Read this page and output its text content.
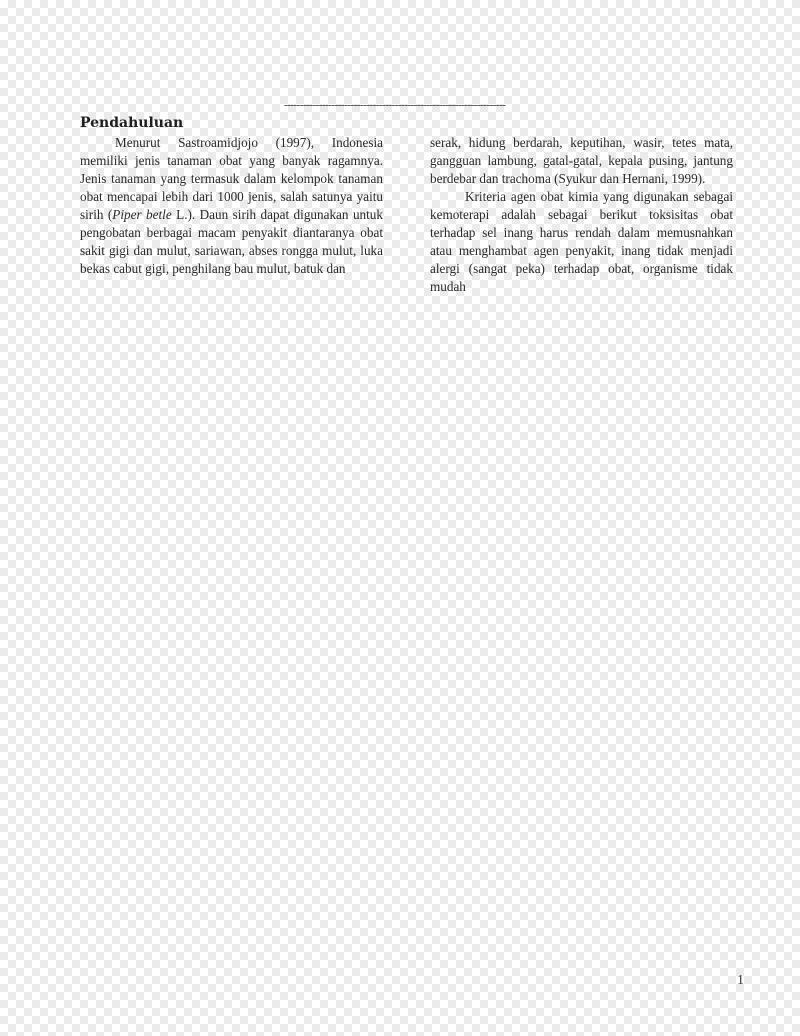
----------------------------------------------------------------------
Pendahuluan

Menurut Sastroamidjojo (1997), Indonesia memiliki jenis tanaman obat yang banyak ragamnya. Jenis tanaman yang termasuk dalam kelompok tanaman obat mencapai lebih dari 1000 jenis, salah satunya yaitu sirih (Piper betle L.). Daun sirih dapat digunakan untuk pengobatan berbagai macam penyakit diantaranya obat sakit gigi dan mulut, sariawan, abses rongga mulut, luka bekas cabut gigi, penghilang bau mulut, batuk dan

serak, hidung berdarah, keputihan, wasir, tetes mata, gangguan lambung, gatal-gatal, kepala pusing, jantung berdebar dan trachoma (Syukur dan Hernani, 1999).

Kriteria agen obat kimia yang digunakan sebagai kemoterapi adalah sebagai berikut toksisitas obat terhadap sel inang harus rendah dalam memusnahkan atau menghambat agen penyakit, inang tidak menjadi alergi (sangat peka) terhadap obat, organisme tidak mudah

1
